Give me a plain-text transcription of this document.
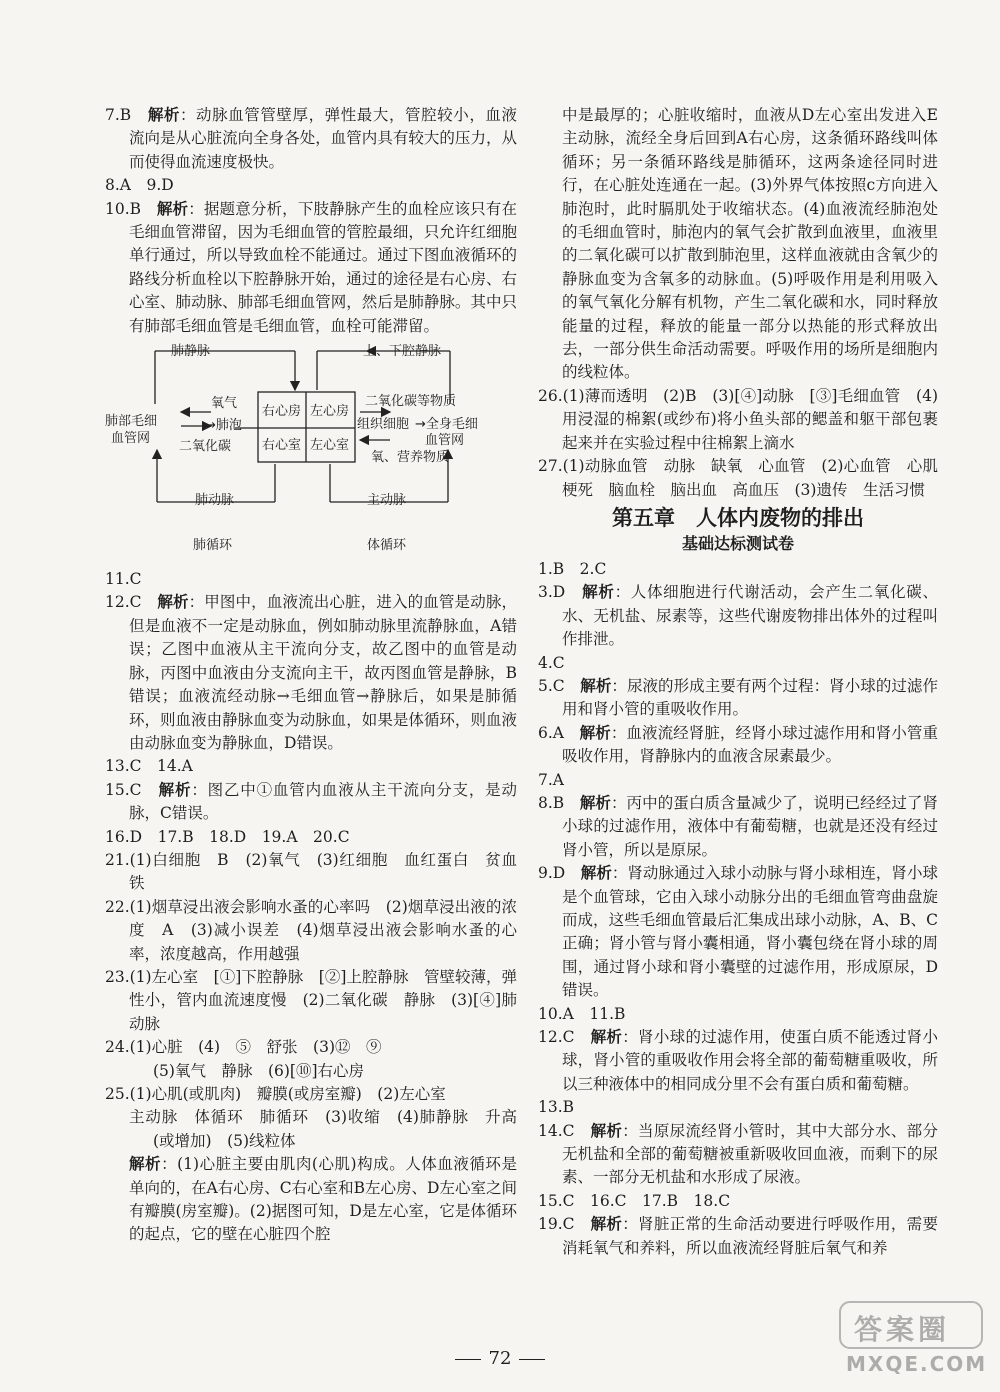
7.B　解析：动脉血管管壁厚，弹性最大，管腔较小，血液流向是从心脏流向全身各处，血管内具有较大的压力，从而使得血流速度极快。

8.A　9.D

10.B　解析：据题意分析，下肢静脉产生的血栓应该只有在毛细血管滞留，因为毛细血管的管腔最细，只允许红细胞单行通过，所以导致血栓不能通过。通过下图血液循环的路线分析血栓以下腔静脉开始，通过的途径是右心房、右心室、肺动脉、肺部毛细血管网，然后是肺静脉。其中只有肺部毛细血管是毛细血管，血栓可能滞留。

肺静脉	上、下腔静脉
氧气
→肺泡
二氧化碳
肺部毛细
血管网
右心房 左心房
右心室 左心室
二氧化碳等物质
组织细胞 →全身毛细
血管网
氧、营养物质
肺动脉	主动脉
肺循环	体循环

11.C

12.C　解析：甲图中，血液流出心脏，进入的血管是动脉，但是血液不一定是动脉血，例如肺动脉里流静脉血，A错误；乙图中血液从主干流向分支，故乙图中的血管是动脉，丙图中血液由分支流向主干，故丙图血管是静脉，B错误；血液流经动脉→毛细血管→静脉后，如果是肺循环，则血液由静脉血变为动脉血，如果是体循环，则血液由动脉血变为静脉血，D错误。

13.C　14.A

15.C　解析：图乙中①血管内血液从主干流向分支，是动脉，C错误。

16.D　17.B　18.D　19.A　20.C

21.(1)白细胞　B　(2)氧气　(3)红细胞　血红蛋白　贫血　铁

22.(1)烟草浸出液会影响水蚤的心率吗　(2)烟草浸出液的浓度　A　(3)减小误差　(4)烟草浸出液会影响水蚤的心率，浓度越高，作用越强

23.(1)左心室　[①]下腔静脉　[②]上腔静脉　管壁较薄，弹性小，管内血流速度慢　(2)二氧化碳　静脉　(3)[④]肺动脉

24.(1)心脏　(4)　⑤　舒张　(3)⑫　⑨

(5)氧气　静脉　(6)[⑩]右心房

25.(1)心肌(或肌肉)　瓣膜(或房室瓣)　(2)左心室

主动脉　体循环　肺循环　(3)收缩　(4)肺静脉　升高(或增加)　(5)线粒体

解析：(1)心脏主要由肌肉(心肌)构成。人体血液循环是单向的，在A右心房、C右心室和B左心房、D左心室之间有瓣膜(房室瓣)。(2)据图可知，D是左心室，它是体循环的起点，它的壁在心脏四个腔

中是最厚的；心脏收缩时，血液从D左心室出发进入E主动脉，流经全身后回到A右心房，这条循环路线叫体循环；另一条循环路线是肺循环，这两条途径同时进行，在心脏处连通在一起。(3)外界气体按照c方向进入肺泡时，此时膈肌处于收缩状态。(4)血液流经肺泡处的毛细血管时，肺泡内的氧气会扩散到血液里，血液里的二氧化碳可以扩散到肺泡里，这样血液就由含氧少的静脉血变为含氧多的动脉血。(5)呼吸作用是利用吸入的氧气氧化分解有机物，产生二氧化碳和水，同时释放能量的过程，释放的能量一部分以热能的形式释放出去，一部分供生命活动需要。呼吸作用的场所是细胞内的线粒体。

26.(1)薄而透明　(2)B　(3)[④]动脉　[③]毛细血管　(4)用浸湿的棉絮(或纱布)将小鱼头部的鳃盖和躯干部包裹起来并在实验过程中往棉絮上滴水

27.(1)动脉血管　动脉　缺氧　心血管　(2)心血管　心肌梗死　脑血栓　脑出血　高血压　(3)遗传　生活习惯

第五章　人体内废物的排出
基础达标测试卷

1.B　2.C

3.D　解析：人体细胞进行代谢活动，会产生二氧化碳、水、无机盐、尿素等，这些代谢废物排出体外的过程叫作排泄。

4.C

5.C　解析：尿液的形成主要有两个过程：肾小球的过滤作用和肾小管的重吸收作用。

6.A　解析：血液流经肾脏，经肾小球过滤作用和肾小管重吸收作用，肾静脉内的血液含尿素最少。

7.A

8.B　解析：丙中的蛋白质含量减少了，说明已经经过了肾小球的过滤作用，液体中有葡萄糖，也就是还没有经过肾小管，所以是原尿。

9.D　解析：肾动脉通过入球小动脉与肾小球相连，肾小球是个血管球，它由入球小动脉分出的毛细血管弯曲盘旋而成，这些毛细血管最后汇集成出球小动脉，A、B、C正确；肾小管与肾小囊相通，肾小囊包绕在肾小球的周围，通过肾小球和肾小囊壁的过滤作用，形成原尿，D错误。

10.A　11.B

12.C　解析：肾小球的过滤作用，使蛋白质不能透过肾小球，肾小管的重吸收作用会将全部的葡萄糖重吸收，所以三种液体中的相同成分里不会有蛋白质和葡萄糖。

13.B

14.C　解析：当原尿流经肾小管时，其中大部分水、部分无机盐和全部的葡萄糖被重新吸收回血液，而剩下的尿素、一部分无机盐和水形成了尿液。

15.C　16.C　17.B　18.C

19.C　解析：肾脏正常的生命活动要进行呼吸作用，需要消耗氧气和养料，所以血液流经肾脏后氧气和养

72
答案圈
MXQE.COM
